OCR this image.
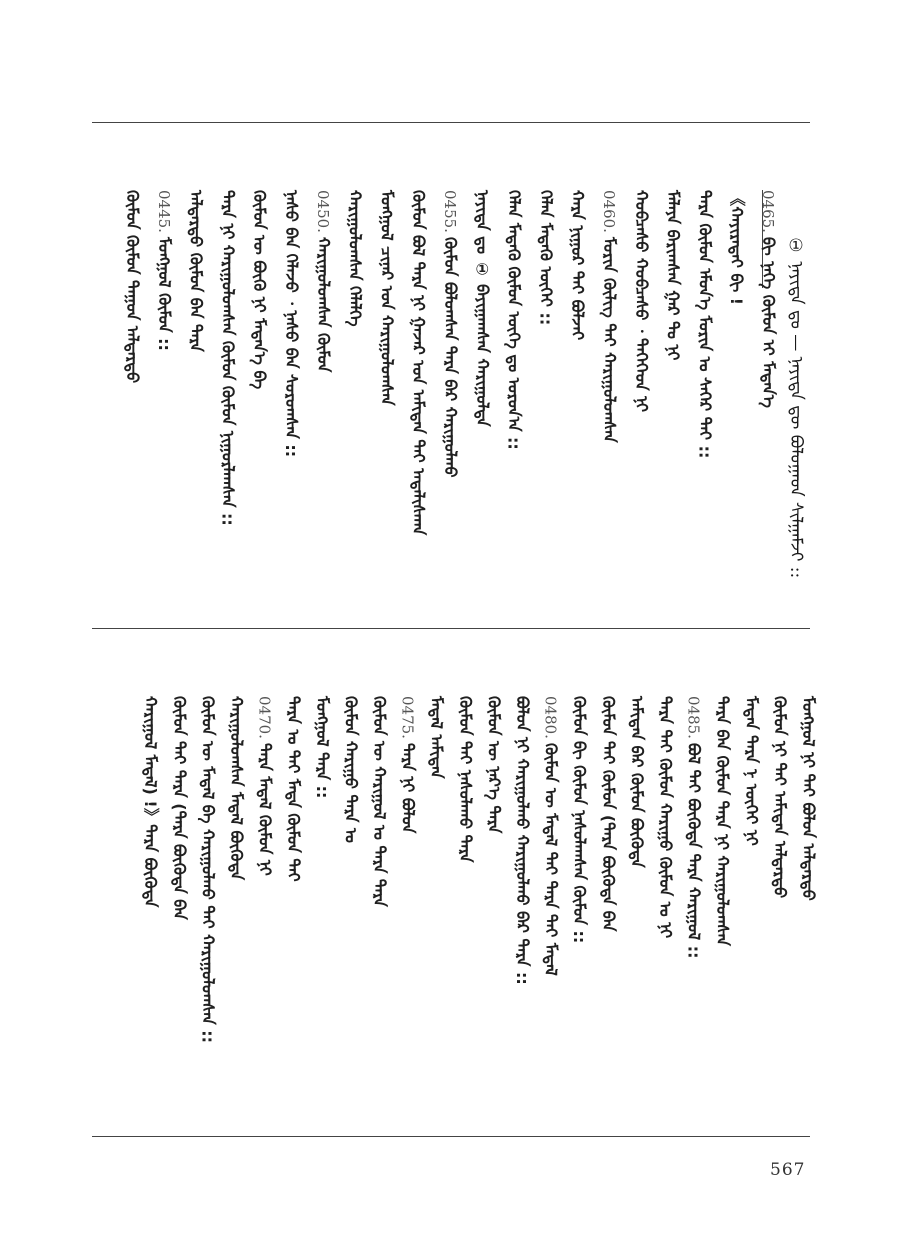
0465.ᠪᠢ ᠨᠡᠭᠡ ᠬᠦᠮᠦᠨ ᠢ ᠮᠡᠳᠡᠨ᠎ᠡ
《ᠬᠠᠶᠢᠷᠠᠲᠠᠢ ᠪᠢ !
ᠲᠡᠷᠡ ᠬᠦᠮᠦᠨ ᠡᠮᠦᠨ᠎ᠡ ᠮᠤᠷᠢᠨ ᠤ ᠰᠡᠭᠡᠷ ᠲᠠᠢ ::
ᠮᠠᠯᠠᠶᠠ ᠪᠠᠷᠢᠭᠰᠠᠨ ᠭᠠᠷ ᠲᠤ ᠨᠢ
ᠬᠤᠪᠴᠠᠰᠤ ᠬᠤᠪᠴᠠᠰᠤ ᠂ ᠲᠡᠭᠡᠭᠡᠳ ᠨᠢ
0460.ᠮᠣᠷᠢᠨ ᠬᠦᠯᠢᠭ ᠲᠡᠢ ᠬᠠᠷᠢᠭᠤᠯᠤᠭᠰᠠᠨ
ᠬᠠᠷᠠ ᠨᠢᠭᠤᠷ ᠲᠠᠢ ᠪᠤᠯᠵᠠᠢ
ᠬᠡᠯᠡᠨ ᠮᠡᠳᠡᠬᠦ ᠦᠭᠡᠢ ::
ᠬᠡᠯᠡᠨ ᠮᠡᠳᠡᠬᠦ ᠬᠦᠮᠦᠨ ᠦᠭᠡ ᠳᠤ ᠣᠷᠣᠨ᠎ᠠ ::
ᠨᠡᠶᠢᠲᠡ ᠳᠤ ① ᠪᠠᠶᠢᠭᠠᠭᠰᠠᠨ ᠬᠠᠷᠢᠭᠤᠯᠲᠠ
0455.ᠬᠦᠮᠦᠨ ᠪᠤᠯᠤᠭᠰᠠᠨ ᠲᠡᠷᠡ ᠪᠡᠷ ᠬᠠᠷᠢᠭᠤᠯᠬᠤ
ᠬᠦᠮᠦᠨ ᠪᠤᠯ ᠲᠡᠷᠡ ᠨᠢ ᠭᠠᠵᠠᠷ ᠤᠨ ᠠᠮᠢᠲᠠᠨ ᠲᠡᠢ ᠠᠳᠠᠯᠢᠰᠬᠠᠨ
ᠮᠣᠩᠭᠣᠯ ᠴᠢᠨᠠᠷ ᠤᠨ ᠬᠠᠷᠢᠭᠤᠯᠤᠭᠰᠠᠨ
ᠬᠠᠷᠢᠭᠤᠯᠤᠭᠰᠠᠨ ᠬᠡᠯᠡᠯᠭᠡ
0450.ᠬᠠᠷᠢᠭᠤᠯᠤᠭᠰᠠᠨ ᠬᠦᠮᠦᠨ
ᠨᠠᠰᠤ ᠪᠡᠨ ᠬᠡᠯᠡᠵᠦ ᠂ ᠨᠠᠰᠤ ᠪᠡᠨ ᠰᠤᠷᠤᠭᠰᠠᠨ ::
ᠬᠦᠮᠦᠨ ᠦ ᠪᠦᠬᠦ ᠨᠢ ᠮᠡᠳᠡᠨ᠎ᠡ ᠪᠠ
ᠲᠡᠷᠡ ᠨᠢ ᠬᠠᠷᠢᠭᠤᠯᠤᠭᠰᠠᠨ ᠬᠦᠮᠦᠨ ᠬᠦᠮᠦᠨ ᠨᠢᠭᠤᠷᠯᠠᠭᠰᠠᠨ ::
ᠠᠯᠳᠠᠷᠲᠤ ᠬᠦᠮᠦᠨ ᠪᠡᠨ ᠲᠡᠷᠡ
0445.ᠮᠣᠩᠭᠣᠯ ᠬᠦᠮᠦᠨ ::
ᠬᠦᠮᠦᠨ ᠬᠦᠮᠦᠨ ᠳᠠᠭᠤᠨ ᠠᠯᠳᠠᠷᠲᠤ
ᠮᠣᠩᠭᠣᠯ ᠨᠢ ᠲᠡᠢ ᠪᠣᠯᠤᠨ ᠠᠯᠳᠠᠷᠲᠤ
ᠬᠦᠮᠦᠨ ᠨᠢ ᠲᠡᠢ ᠠᠮᠢᠲᠠᠨ ᠠᠯᠳᠠᠷᠲᠤ
ᠮᠡᠳᠡᠨ ᠲᠡᠷᠡ ᠨ ᠦᠭᠡᠢ ᠨᠢ
ᠲᠡᠷᠡ ᠪᠡᠨ ᠬᠦᠮᠦᠨ ᠲᠡᠷᠡ ᠨᠢ ᠬᠠᠷᠢᠭᠤᠯᠤᠭᠰᠠᠨ
0485.ᠪᠣᠯ ᠲᠡᠢ ᠪᠦᠬᠦᠳᠡ ᠲᠡᠷᠡ ᠬᠠᠷᠢᠭᠤᠯ ::
ᠲᠡᠷᠡ ᠲᠡᠢ ᠬᠦᠮᠦᠨ ᠬᠠᠷᠢᠭᠤ ᠬᠦᠮᠦᠨ ᠤ ᠨᠢ
ᠠᠮᠢᠲᠠᠨ ᠪᠡᠷ ᠬᠦᠮᠦᠨ ᠪᠦᠬᠦᠳᠡ
ᠬᠦᠮᠦᠨ ᠲᠡᠢ ᠬᠦᠮᠦᠨ (ᠲᠡᠷᠡ ᠪᠦᠬᠦᠳᠡ ᠪᠡᠨ
ᠬᠦᠮᠦᠨ ᠪᠢ ᠬᠦᠮᠦᠨ ᠨᠠᠰᠤᠯᠠᠭᠰᠠᠨ ᠬᠦᠮᠦᠨ ::
0480.ᠬᠦᠮᠦᠨ ᠦ ᠮᠡᠳᠡᠯ ᠲᠡᠢ ᠲᠡᠷᠡ ᠲᠡᠢ ᠮᠡᠳᠡᠯ
ᠪᠣᠯᠤᠨ ᠨᠢ ᠬᠠᠷᠢᠭᠤᠯᠬᠤ ᠬᠠᠷᠢᠭᠤᠯᠬᠤ ᠪᠡᠷ ᠲᠡᠷᠡ ::
ᠬᠦᠮᠦᠨ ᠦ ᠨᠡᠷ᠎ᠡ ᠲᠡᠷᠡ
ᠬᠦᠮᠦᠨ ᠲᠡᠢ ᠨᠠᠰᠤᠯᠠᠬᠤ ᠲᠡᠷᠡ
ᠮᠡᠳᠡᠯ ᠠᠮᠢᠲᠠᠨ
0475.ᠲᠡᠷᠡ ᠨᠢ ᠪᠣᠯᠤᠨ
ᠬᠦᠮᠦᠨ ᠦ ᠬᠠᠷᠢᠭᠤᠯ ᠤ ᠲᠡᠷᠡ ᠲᠡᠷᠡ
ᠬᠦᠮᠦᠨ ᠬᠠᠷᠢᠭᠤ ᠲᠡᠷᠡ ᠤ
ᠮᠣᠩᠭᠣᠯ ᠲᠡᠷᠡ ::
ᠲᠡᠷᠡ ᠤ ᠲᠡᠢ ᠮᠡᠳᠡ ᠬᠦᠮᠦᠨ ᠲᠡᠢ
0470.ᠲᠡᠷᠡ ᠮᠡᠳᠡᠯ ᠬᠦᠮᠦᠨ ᠨᠢ
ᠬᠠᠷᠢᠭᠤᠯᠤᠭᠰᠠᠨ ᠮᠡᠳᠡᠯ ᠪᠦᠬᠦᠳᠡ
ᠬᠦᠮᠦᠨ ᠦ ᠮᠡᠳᠡᠯ ᠪᠡ ᠬᠠᠷᠢᠭᠤᠯᠬᠤ ᠲᠡᠢ ᠬᠠᠷᠢᠭᠤᠯᠤᠭᠰᠠᠨ ::
ᠬᠦᠮᠦᠨ ᠲᠡᠢ ᠲᠡᠷᠡ (ᠲᠡᠷᠡ ᠪᠦᠬᠦᠳᠡ ᠪᠡᠨ
ᠬᠠᠷᠢᠭᠤᠯ ᠮᠡᠳᠡᠯ) !》ᠲᠡᠷᠡ ᠪᠦᠬᠦᠳᠡ
① ᠨᠡᠶᠢᠲᠡ ᠳᠤ — ᠨᠡᠶᠢᠲᠡ ᠳᠦ ᠪᠤᠯᠤᠭᠠᠳ ᠰᠢᠯᠭᠠᠮᠵᠢ ::
567
